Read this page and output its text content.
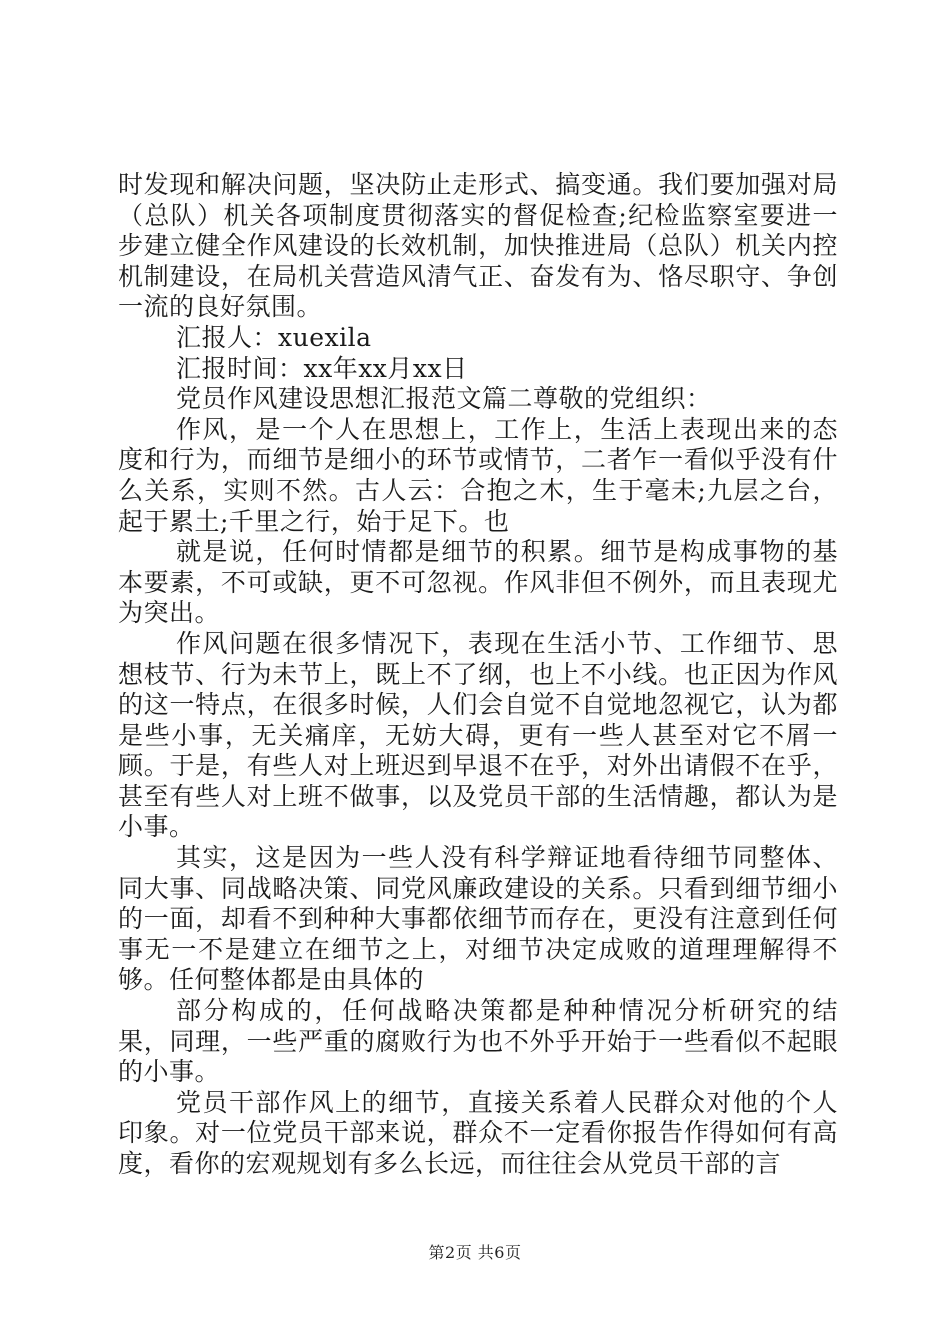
时发现和解决问题，坚决防止走形式、搞变通。我们要加强对局（总队）机关各项制度贯彻落实的督促检查;纪检监察室要进一步建立健全作风建设的长效机制，加快推进局（总队）机关内控机制建设，在局机关营造风清气正、奋发有为、恪尽职守、争创一流的良好氛围。

汇报人：xuexila

汇报时间：xx年xx月xx日

党员作风建设思想汇报范文篇二尊敬的党组织：

作风，是一个人在思想上，工作上，生活上表现出来的态度和行为，而细节是细小的环节或情节，二者乍一看似乎没有什么关系，实则不然。古人云：合抱之木，生于毫未;九层之台，起于累土;千里之行，始于足下。也

就是说，任何时情都是细节的积累。细节是构成事物的基本要素，不可或缺，更不可忽视。作风非但不例外，而且表现尤为突出。

作风问题在很多情况下，表现在生活小节、工作细节、思想枝节、行为未节上，既上不了纲，也上不小线。也正因为作风的这一特点，在很多时候，人们会自觉不自觉地忽视它，认为都是些小事，无关痛庠，无妨大碍，更有一些人甚至对它不屑一顾。于是，有些人对上班迟到早退不在乎，对外出请假不在乎，甚至有些人对上班不做事，以及党员干部的生活情趣，都认为是小事。

其实，这是因为一些人没有科学辩证地看待细节同整体、同大事、同战略决策、同党风廉政建设的关系。只看到细节细小的一面，却看不到种种大事都依细节而存在，更没有注意到任何事无一不是建立在细节之上，对细节决定成败的道理理解得不够。任何整体都是由具体的

部分构成的，任何战略决策都是种种情况分析研究的结果，同理，一些严重的腐败行为也不外乎开始于一些看似不起眼的小事。

党员干部作风上的细节，直接关系着人民群众对他的个人印象。对一位党员干部来说，群众不一定看你报告作得如何有高度，看你的宏观规划有多么长远，而往往会从党员干部的言

第2页 共6页
